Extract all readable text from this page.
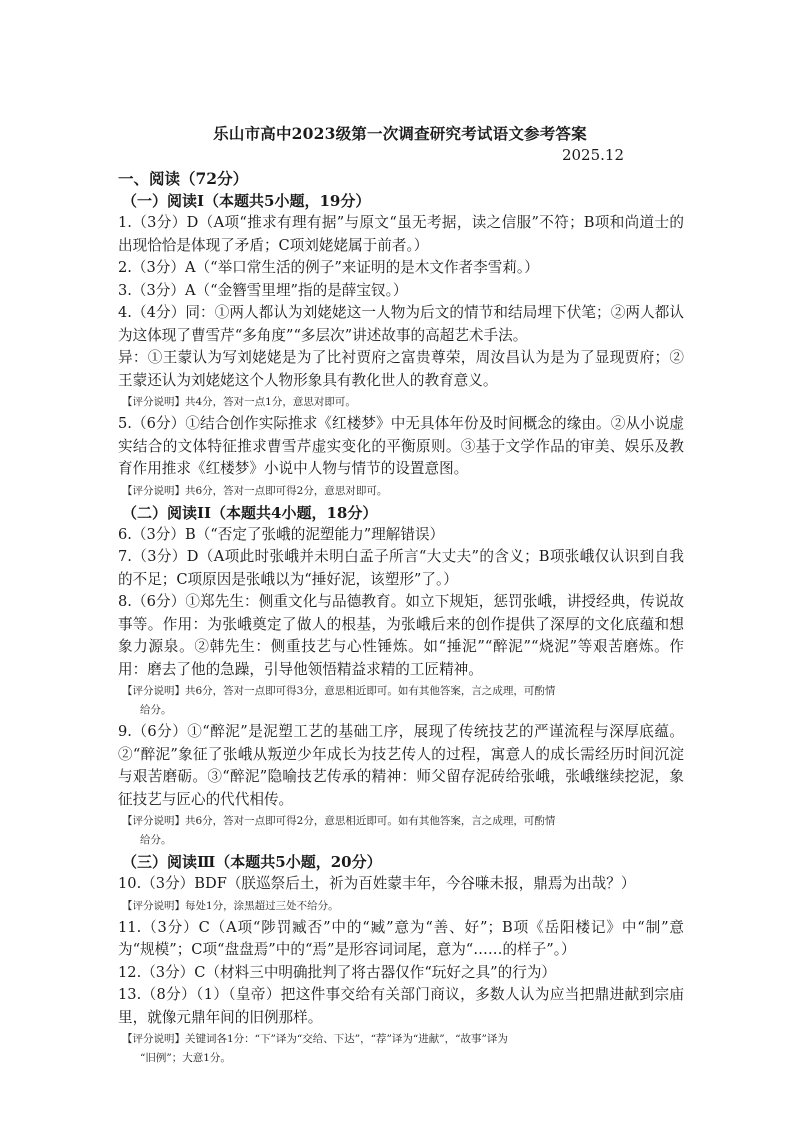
乐山市高中2023级第一次调查研究考试语文参考答案
2025.12

一、阅读（72分）

（一）阅读Ⅰ（本题共5小题，19分）

1.（3分）D（A项“推求有理有据”与原文“虽无考据，读之信服”不符；B项和尚道士的出现恰恰是体现了矛盾；C项刘姥姥属于前者。）

2.（3分）A（“举口常生活的例子”来证明的是木文作者李雪莉。）

3.（3分）A（“金簪雪里埋”指的是薛宝钗。）

4.（4分）同：①两人都认为刘姥姥这一人物为后文的情节和结局埋下伏笔；②两人都认为这体现了曹雪芹“多角度”“多层次”讲述故事的高超艺术手法。

异：①王蒙认为写刘姥姥是为了比衬贾府之富贵尊荣，周汝昌认为是为了显现贾府；②王蒙还认为刘姥姥这个人物形象具有教化世人的教育意义。

【评分说明】共4分，答对一点1分，意思对即可。

5.（6分）①结合创作实际推求《红楼梦》中无具体年份及时间概念的缘由。②从小说虚实结合的文体特征推求曹雪芹虚实变化的平衡原则。③基于文学作品的审美、娱乐及教育作用推求《红楼梦》小说中人物与情节的设置意图。

【评分说明】共6分，答对一点即可得2分，意思对即可。

（二）阅读II（本题共4小题，18分）

6.（3分）B（“否定了张峨的泥塑能力”理解错误）

7.（3分）D（A项此时张峨并未明白孟子所言“大丈夫”的含义；B项张峨仅认识到自我的不足；C项原因是张峨以为“捶好泥，该塑形”了。）

8.（6分）①郑先生：侧重文化与品德教育。如立下规矩，惩罚张峨，讲授经典，传说故事等。作用：为张峨奠定了做人的根基，为张峨后来的创作提供了深厚的文化底蕴和想象力源泉。②韩先生：侧重技艺与心性锤炼。如“捶泥”“醉泥”“烧泥”等艰苦磨炼。作用：磨去了他的急躁，引导他领悟精益求精的工匠精神。

【评分说明】共6分，答对一点即可得3分，意思相近即可。如有其他答案，言之成理，可酌情

给分。

9.（6分）①“醉泥”是泥塑工艺的基础工序，展现了传统技艺的严谨流程与深厚底蕴。②“醉泥”象征了张峨从叛逆少年成长为技艺传人的过程，寓意人的成长需经历时间沉淀与艰苦磨砺。③“醉泥”隐喻技艺传承的精神：师父留存泥砖给张峨，张峨继续挖泥，象征技艺与匠心的代代相传。

【评分说明】共6分，答对一点即可得2分，意思相近即可。如有其他答案，言之成理，可酌情

给分。

（三）阅读Ⅲ（本题共5小题，20分）

10.（3分）BDF（朕巡祭后土，祈为百姓蒙丰年，今谷嗛未报，鼎焉为出哉？）

【评分说明】每处1分，涂黑超过三处不给分。

11.（3分）C（A项“陟罚臧否”中的“臧”意为“善、好”；B项《岳阳楼记》中“制”意为“规模”；C项“盘盘焉”中的“焉”是形容词词尾，意为“……的样子”。）

12.（3分）C（材料三中明确批判了将古器仅作“玩好之具”的行为）

13.（8分）（1）（皇帝）把这件事交给有关部门商议，多数人认为应当把鼎进献到宗庙里，就像元鼎年间的旧例那样。

【评分说明】关键词各1分：“下”译为“交给、下达”，“荐”译为“进献”，“故事”译为

“旧例”；大意1分。
